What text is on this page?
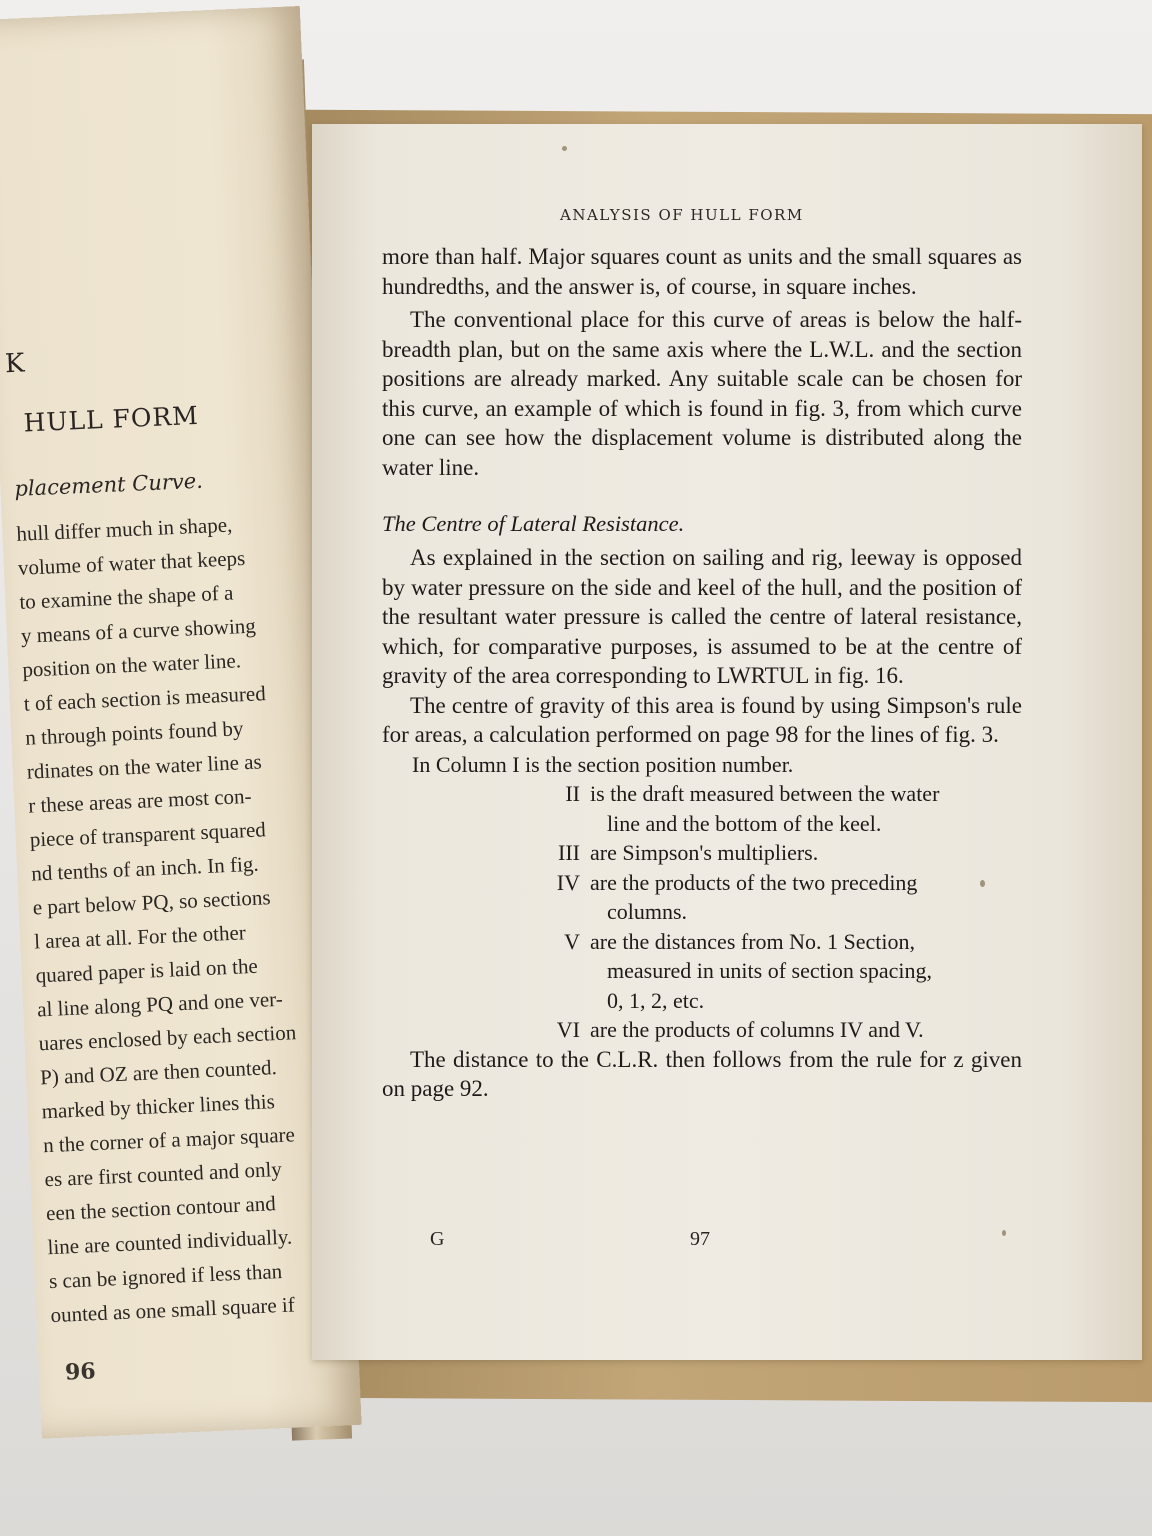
K
HULL FORM
placement Curve.
hull differ much in shape,
volume of water that keeps
to examine the shape of a
y means of a curve showing
position on the water line.
t of each section is measured
n through points found by
rdinates on the water line as
r these areas are most con-
piece of transparent squared
nd tenths of an inch. In fig.
e part below PQ, so sections
l area at all. For the other
quared paper is laid on the
al line along PQ and one ver-
uares enclosed by each section
P) and OZ are then counted.
marked by thicker lines this
n the corner of a major square
es are first counted and only
een the section contour and
line are counted individually.
s can be ignored if less than
ounted as one small square if
96
ANALYSIS OF HULL FORM

more than half. Major squares count as units and the small squares as hundredths, and the answer is, of course, in square inches.

The conventional place for this curve of areas is below the half-breadth plan, but on the same axis where the L.W.L. and the section positions are already marked. Any suitable scale can be chosen for this curve, an example of which is found in fig. 3, from which curve one can see how the displacement volume is distributed along the water line.

The Centre of Lateral Resistance.

As explained in the section on sailing and rig, leeway is opposed by water pressure on the side and keel of the hull, and the position of the resultant water pressure is called the centre of lateral resistance, which, for comparative purposes, is assumed to be at the centre of gravity of the area corresponding to LWRTUL in fig. 16.

The centre of gravity of this area is found by using Simpson's rule for areas, a calculation performed on page 98 for the lines of fig. 3.

In Column I is the section position number.
II is the draft measured between the water
line and the bottom of the keel.
III are Simpson's multipliers.
IV are the products of the two preceding
columns.
V are the distances from No. 1 Section,
measured in units of section spacing,
0, 1, 2, etc.
VI are the products of columns IV and V.

The distance to the C.L.R. then follows from the rule for z given on page 92.

G	97
